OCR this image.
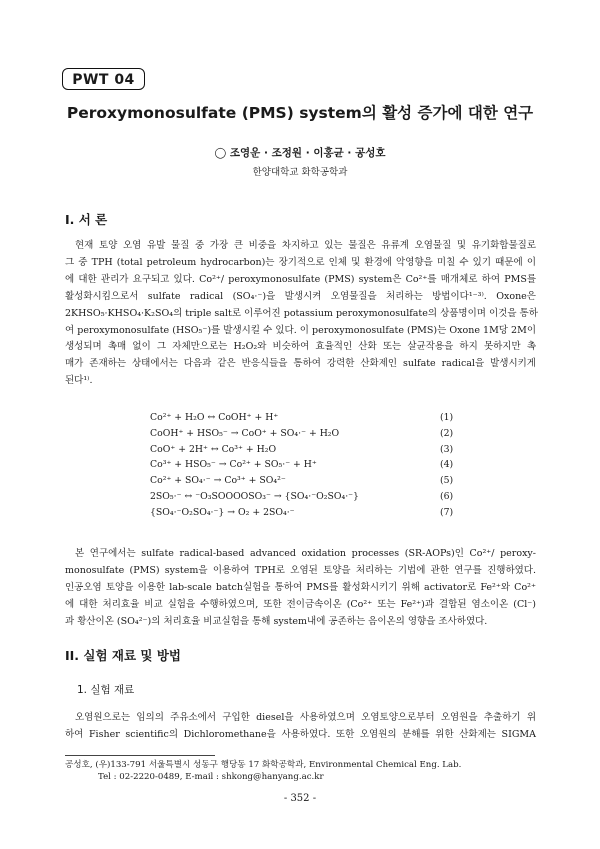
PWT 04
Peroxymonosulfate (PMS) system의 활성 증가에 대한 연구
◯ 조영운 · 조정원 · 이홍균 · 공성호
한양대학교 화학공학과
I. 서 론
현재 토양 오염 유발 물질 중 가장 큰 비중을 차지하고 있는 물질은 유류계 오염물질 및 유기화합물질로
그 중 TPH (total petroleum hydrocarbon)는 장기적으로 인체 및 환경에 악영향을 미칠 수 있기 때문에 이
에 대한 관리가 요구되고 있다. Co²⁺/ peroxymonosulfate (PMS) system은 Co²⁺를 매개체로 하여 PMS를
활성화시킴으로서 sulfate radical (SO₄·⁻)을 발생시켜 오염물질을 처리하는 방법이다¹⁻³⁾. Oxone은
2KHSO₅·KHSO₄·K₂SO₄의 triple salt로 이루어진 potassium peroxymonosulfate의 상품명이며 이것을 통하
여 peroxymonosulfate (HSO₅⁻)를 발생시킬 수 있다. 이 peroxymonosulfate (PMS)는 Oxone 1M당 2M이
생성되며 촉매 없이 그 자체만으로는 H₂O₂와 비슷하여 효율적인 산화 또는 살균작용을 하지 못하지만 촉
매가 존재하는 상태에서는 다음과 같은 반응식들을 통하여 강력한 산화제인 sulfate radical을 발생시키게
된다¹⁾.
Co²⁺ + H₂O ↔ CoOH⁺ + H⁺	(1)
CoOH⁺ + HSO₅⁻ → CoO⁺ + SO₄·⁻ + H₂O	(2)
CoO⁺ + 2H⁺ ↔ Co³⁺ + H₂O	(3)
Co³⁺ + HSO₅⁻ → Co²⁺ + SO₅·⁻ + H⁺	(4)
Co²⁺ + SO₄·⁻ → Co³⁺ + SO₄²⁻	(5)
2SO₅·⁻ ↔ ⁻O₃SOOOOSO₃⁻ → {SO₄·⁻O₂SO₄·⁻}	(6)
{SO₄·⁻O₂SO₄·⁻} → O₂ + 2SO₄·⁻	(7)
본 연구에서는 sulfate radical-based advanced oxidation processes (SR-AOPs)인 Co²⁺/ peroxy-
monosulfate (PMS) system을 이용하여 TPH로 오염된 토양을 처리하는 기법에 관한 연구를 진행하였다.
인공오염 토양을 이용한 lab-scale batch실험을 통하여 PMS를 활성화시키기 위해 activator로 Fe²⁺와 Co²⁺
에 대한 처리효율 비교 실험을 수행하였으며, 또한 전이금속이온 (Co²⁺ 또는 Fe²⁺)과 결합된 염소이온 (Cl⁻)
과 황산이온 (SO₄²⁻)의 처리효율 비교실험을 통해 system내에 공존하는 음이온의 영향을 조사하였다.
II. 실험 재료 및 방법
1. 실험 재료
오염원으로는 임의의 주유소에서 구입한 diesel을 사용하였으며 오염토양으로부터 오염원을 추출하기 위
하여 Fisher scientific의 Dichloromethane을 사용하였다. 또한 오염원의 분해를 위한 산화제는 SIGMA
공성호, (우)133-791 서울특별시 성동구 행당동 17 화학공학과, Environmental Chemical Eng. Lab.
Tel : 02-2220-0489, E-mail : shkong@hanyang.ac.kr
- 352 -
